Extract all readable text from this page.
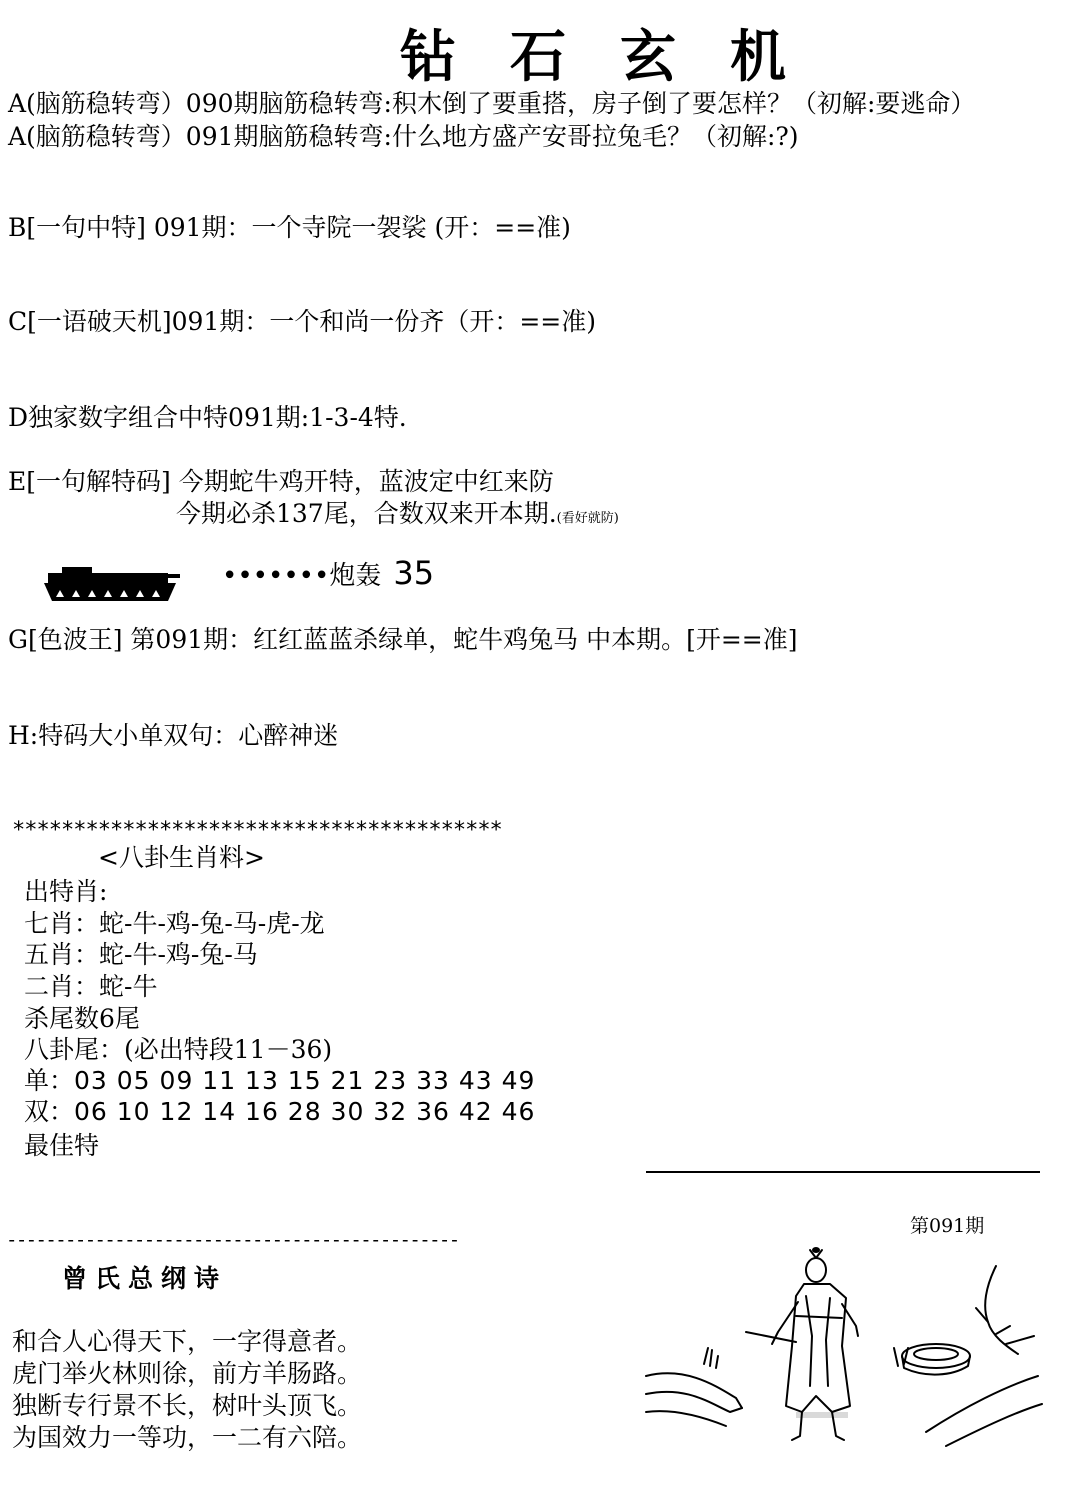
钻石玄机
A(脑筋稳转弯）090期脑筋稳转弯:积木倒了要重搭，房子倒了要怎样？（初解:要逃命）
A(脑筋稳转弯）091期脑筋稳转弯:什么地方盛产安哥拉兔毛？（初解:?)
B[一句中特] 091期：一个寺院一袈裟 (开：==准)
C[一语破天机]091期：一个和尚一份齐（开：==准)
D独家数字组合中特091期:1-3-4特.
E[一句解特码] 今期蛇牛鸡开特，蓝波定中红来防
今期必杀137尾，合数双来开本期.(看好就防)
•••••••炮轰 35
G[色波王] 第091期：红红蓝蓝杀绿单，蛇牛鸡兔马 中本期。[开==准]
H:特码大小单双句：心醉神迷
****************************************
<八卦生肖料>
出特肖:
七肖：蛇-牛-鸡-兔-马-虎-龙
五肖：蛇-牛-鸡-兔-马
二肖：蛇-牛
杀尾数6尾
八卦尾：(必出特段11－36)
单：03 05 09 11 13 15 21 23 33 43 49
双：06 10 12 14 16 28 30 32 36 42 46
最佳特
第091期
----------------------------------------------
曾氏总纲诗
和合人心得天下，一字得意者。
虎门举火林则徐，前方羊肠路。
独断专行景不长，树叶头顶飞。
为国效力一等功，一二有六陪。
